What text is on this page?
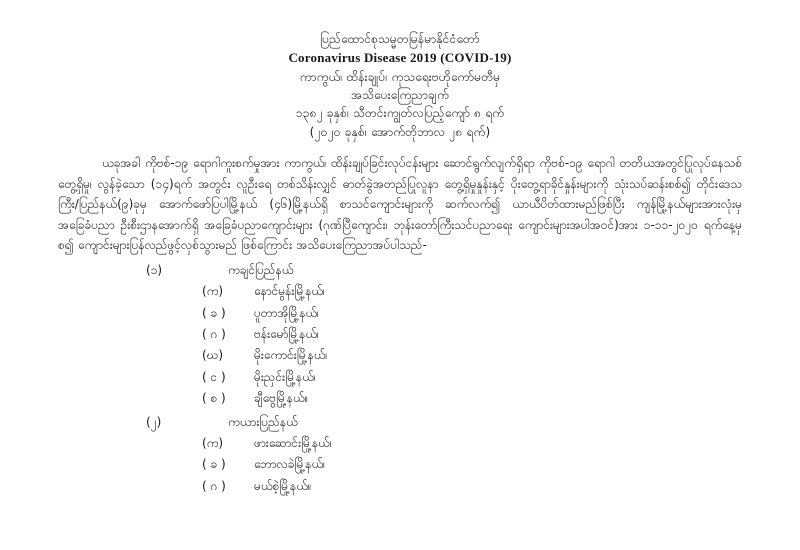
ပြည်ထောင်စုသမ္မတမြန်မာနိုင်ငံတော်
Coronavirus Disease 2019 (COVID-19)
ကာကွယ်၊ ထိန်းချုပ်၊ ကုသရေးဗဟိုကော်မတီမှ
အသိပေးကြေညာချက်
၁၃၈၂ ခုနှစ်၊ သီတင်းကျွတ်လပြည့်ကျော် ၈ ရက်
(၂၀၂၀ ခုနှစ်၊ အောက်တိုဘာလ ၂၈ ရက်)
ယခုအခါ ကိုဗစ်-၁၉ ရောဂါကူးစက်မှုအား ကာကွယ်၊ ထိန်းချုပ်ခြင်းလုပ်ငန်းများ ဆောင်ရွက်လျက်ရှိရာ ကိုဗစ်-၁၉ ရောဂါ တတိယအတွင်ပြုလုပ်နေသစ်တွေ့ရှိမှု၊ လွန်ခဲ့သော (၁၄)ရက် အတွင်း လူဦးရေ တစ်သိန်းလျှင် ဓာတ်ခွဲအတည်ပြုလူနာ တွေ့ရှိမှုနှုန်းနှင့် ပိုးတွေ့ရာခိုင်နှုန်းများကို သုံးသပ်ဆန်းစစ်၍ တိုင်းဒေသကြီး/ပြည်နယ်(၉)ခုမှ အောက်ဖော်ပြပါမြို့နယ် (၄၆)မြို့နယ်ရှိ စာသင်ကျောင်းများကို ဆက်လက်၍ ယာယီပိတ်ထားမည်ဖြစ်ပြီး ကျန်မြို့နယ်များအားလုံးမှ အခြေခံပညာ ဦးစီးဌာနအောက်ရှိ အခြေခံပညာကျောင်းများ (ဂုဏ်ပြီကျောင်း၊ ဘုန်းတော်ကြီးသင်ပညာရေး ကျောင်းများအပါအဝင်)အား ၁-၁၁-၂၀၂၀ ရက်နေ့မှစ၍ ကျောင်းများပြန်လည်ဖွင့်လှစ်သွားမည် ဖြစ်ကြောင်း အသိပေးကြေညာအပ်ပါသည်-
(၁)	ကချင်ပြည်နယ်
(က)	နောင်မွန်းမြို့နယ်၊
( ခ )	ပူတာအိုမြို့နယ်၊
( ဂ )	ဗန်းမော်မြို့နယ်၊
(ဃ)	မိုးကောင်းမြို့နယ်၊
( င )	မိုးညှင်းမြို့နယ်၊
( စ )	ချီဗွေမြို့နယ်။
(၂)	ကယားပြည်နယ်
(က)	ဖားဆောင်းမြို့နယ်၊
( ခ )	ဘောလခဲမြို့နယ်၊
( ဂ )	မယ်စဲ့မြို့နယ်။
